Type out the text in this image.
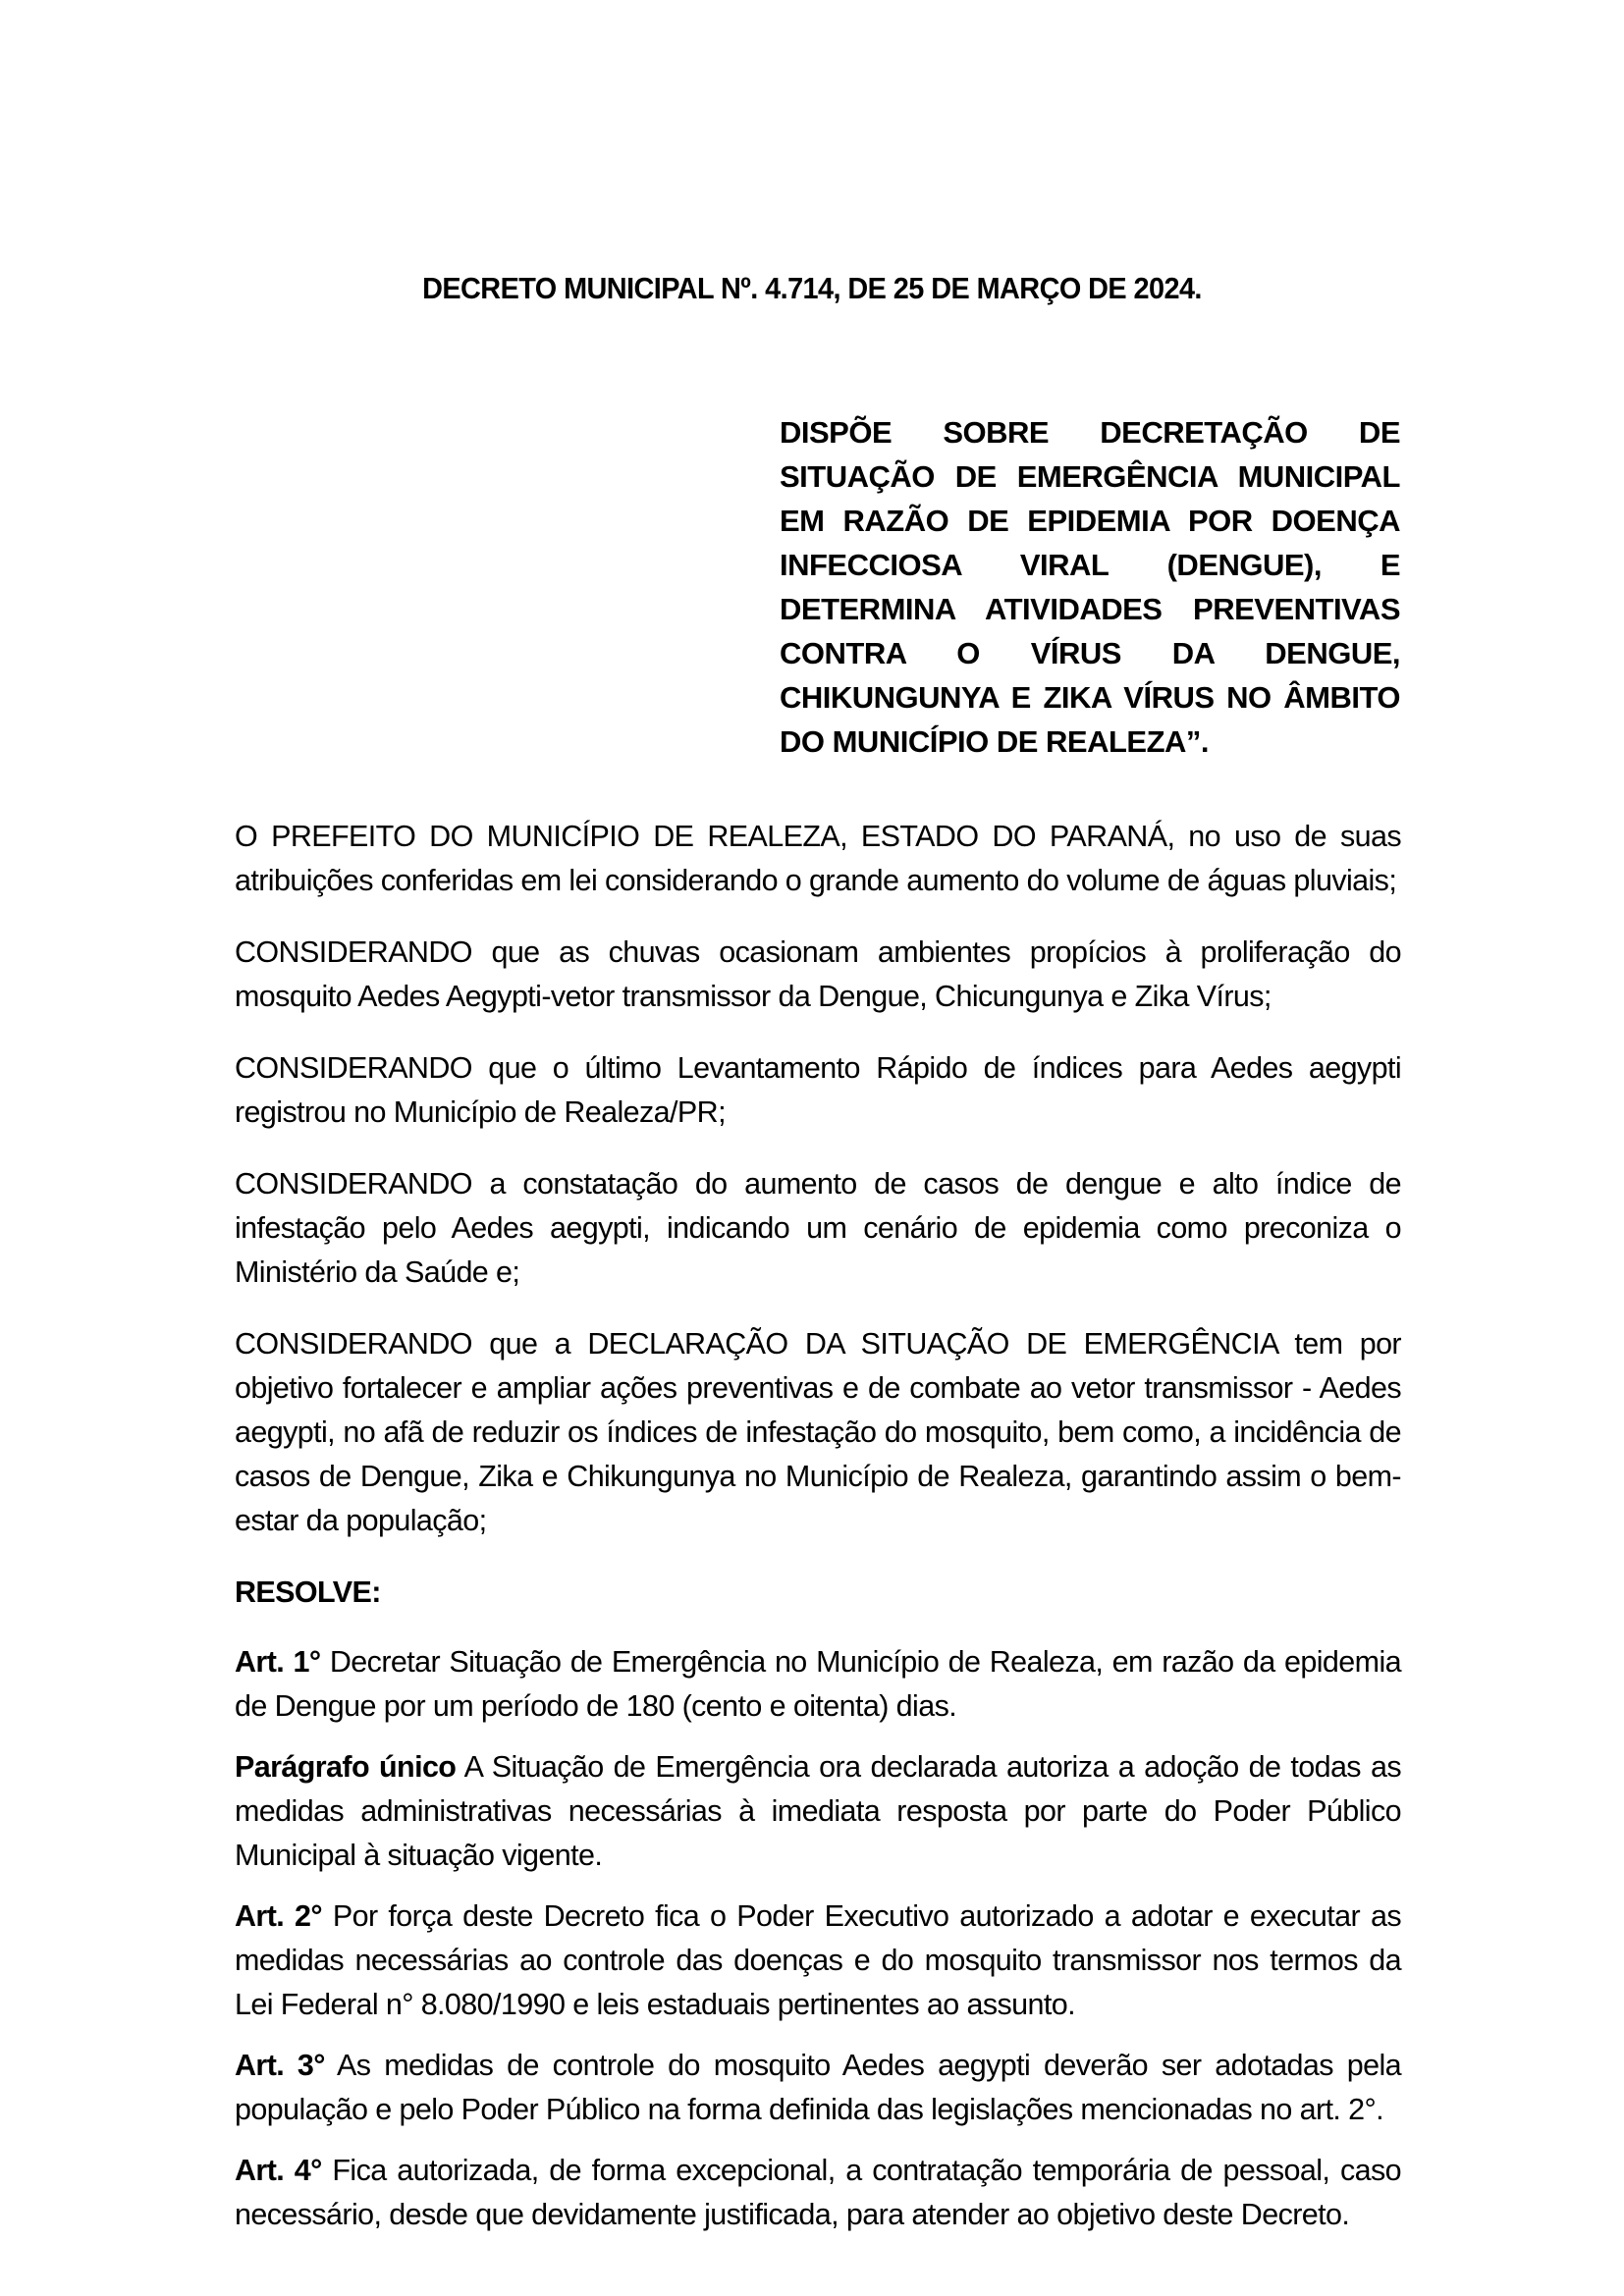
DECRETO MUNICIPAL Nº. 4.714, DE 25 DE MARÇO DE 2024.
DISPÕE SOBRE DECRETAÇÃO DE SITUAÇÃO DE EMERGÊNCIA MUNICIPAL EM RAZÃO DE EPIDEMIA POR DOENÇA INFECCIOSA VIRAL (DENGUE), E DETERMINA ATIVIDADES PREVENTIVAS CONTRA O VÍRUS DA DENGUE, CHIKUNGUNYA E ZIKA VÍRUS NO ÂMBITO DO MUNICÍPIO DE REALEZA”.

O PREFEITO DO MUNICÍPIO DE REALEZA, ESTADO DO PARANÁ, no uso de suas atribuições conferidas em lei considerando o grande aumento do volume de águas pluviais;

CONSIDERANDO que as chuvas ocasionam ambientes propícios à proliferação do mosquito Aedes Aegypti-vetor transmissor da Dengue, Chicungunya e Zika Vírus;

CONSIDERANDO que o último Levantamento Rápido de índices para Aedes aegypti registrou no Município de Realeza/PR;

CONSIDERANDO a constatação do aumento de casos de dengue e alto índice de infestação pelo Aedes aegypti, indicando um cenário de epidemia como preconiza o Ministério da Saúde e;

CONSIDERANDO que a DECLARAÇÃO DA SITUAÇÃO DE EMERGÊNCIA tem por objetivo fortalecer e ampliar ações preventivas e de combate ao vetor transmissor - Aedes aegypti, no afã de reduzir os índices de infestação do mosquito, bem como, a incidência de casos de Dengue, Zika e Chikungunya no Município de Realeza, garantindo assim o bem-estar da população;

RESOLVE:

Art. 1° Decretar Situação de Emergência no Município de Realeza, em razão da epidemia de Dengue por um período de 180 (cento e oitenta) dias.

Parágrafo único A Situação de Emergência ora declarada autoriza a adoção de todas as medidas administrativas necessárias à imediata resposta por parte do Poder Público Municipal à situação vigente.

Art. 2° Por força deste Decreto fica o Poder Executivo autorizado a adotar e executar as medidas necessárias ao controle das doenças e do mosquito transmissor nos termos da Lei Federal n° 8.080/1990 e leis estaduais pertinentes ao assunto.

Art. 3° As medidas de controle do mosquito Aedes aegypti deverão ser adotadas pela população e pelo Poder Público na forma definida das legislações mencionadas no art. 2°.

Art. 4° Fica autorizada, de forma excepcional, a contratação temporária de pessoal, caso necessário, desde que devidamente justificada, para atender ao objetivo deste Decreto.
